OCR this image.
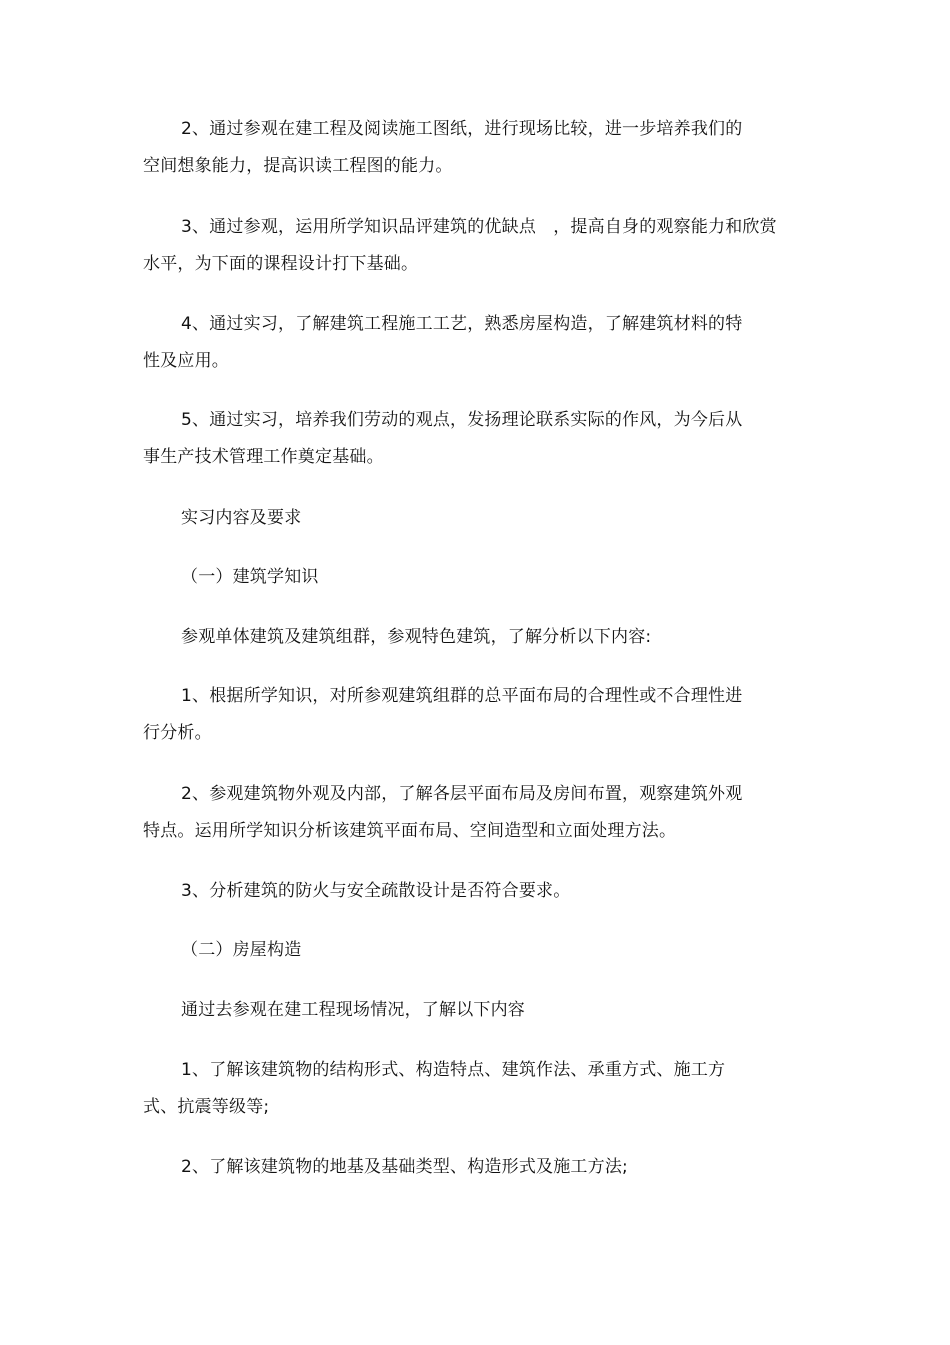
2、通过参观在建工程及阅读施工图纸，进行现场比较，进一步培养我们的
空间想象能力，提高识读工程图的能力。
3、通过参观，运用所学知识品评建筑的优缺点　，提高自身的观察能力和欣赏
水平，为下面的课程设计打下基础。
4、通过实习，了解建筑工程施工工艺，熟悉房屋构造，了解建筑材料的特
性及应用。
5、通过实习，培养我们劳动的观点，发扬理论联系实际的作风，为今后从
事生产技术管理工作奠定基础。
实习内容及要求
（一）建筑学知识
参观单体建筑及建筑组群，参观特色建筑，了解分析以下内容:
1、根据所学知识，对所参观建筑组群的总平面布局的合理性或不合理性进
行分析。
2、参观建筑物外观及内部，了解各层平面布局及房间布置，观察建筑外观
特点。运用所学知识分析该建筑平面布局、空间造型和立面处理方法。
3、分析建筑的防火与安全疏散设计是否符合要求。
（二）房屋构造
通过去参观在建工程现场情况，了解以下内容
1、了解该建筑物的结构形式、构造特点、建筑作法、承重方式、施工方
式、抗震等级等;
2、了解该建筑物的地基及基础类型、构造形式及施工方法;
